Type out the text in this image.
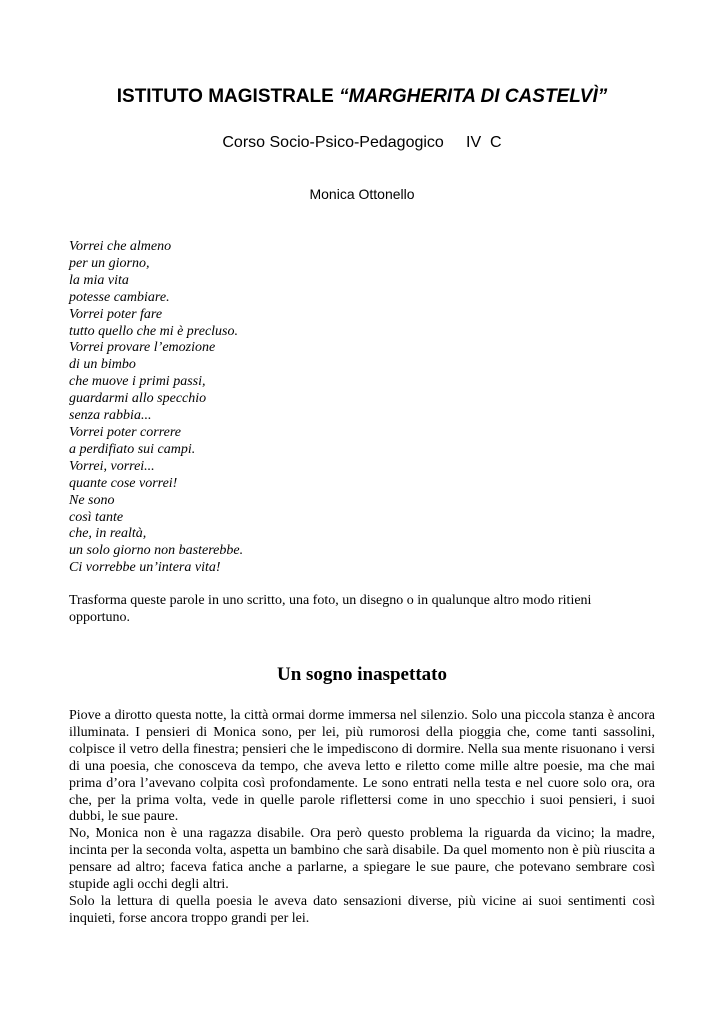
ISTITUTO MAGISTRALE “MARGHERITA DI CASTELVÌ”
Corso Socio-Psico-Pedagogico     IV  C
Monica Ottonello
Vorrei che almeno
per un giorno,
la mia vita
potesse cambiare.
Vorrei poter fare
tutto quello che mi è precluso.
Vorrei provare l’emozione
di un bimbo
che muove i primi passi,
guardarmi allo specchio
senza rabbia...
Vorrei poter correre
a perdifiato sui campi.
Vorrei, vorrei...
quante cose vorrei!
Ne sono
così tante
che, in realtà,
un solo giorno non basterebbe.
Ci vorrebbe un’intera vita!

Trasforma queste parole in uno scritto, una foto, un disegno o in qualunque altro modo ritieni opportuno.

Un sogno inaspettato

Piove a dirotto questa notte, la città ormai dorme immersa nel silenzio. Solo una piccola stanza è ancora illuminata. I pensieri di Monica sono, per lei, più rumorosi della pioggia che, come tanti sassolini, colpisce il vetro della finestra; pensieri che le impediscono di dormire. Nella sua mente risuonano i versi di una poesia, che conosceva da tempo, che aveva letto e riletto come mille altre poesie, ma che mai prima d’ora l’avevano colpita così profondamente. Le sono entrati nella testa e nel cuore solo ora, ora che, per la prima volta, vede in quelle parole riflettersi come in uno specchio i suoi pensieri, i suoi dubbi, le sue paure.

No, Monica non è una ragazza disabile. Ora però questo problema la riguarda da vicino; la madre, incinta per la seconda volta, aspetta un bambino che sarà disabile. Da quel momento non è più riuscita a pensare ad altro; faceva fatica anche a parlarne, a spiegare le sue paure, che potevano sembrare così stupide agli occhi degli altri.

Solo la lettura di quella poesia le aveva dato sensazioni diverse, più vicine ai suoi sentimenti così inquieti, forse ancora troppo grandi per lei.
